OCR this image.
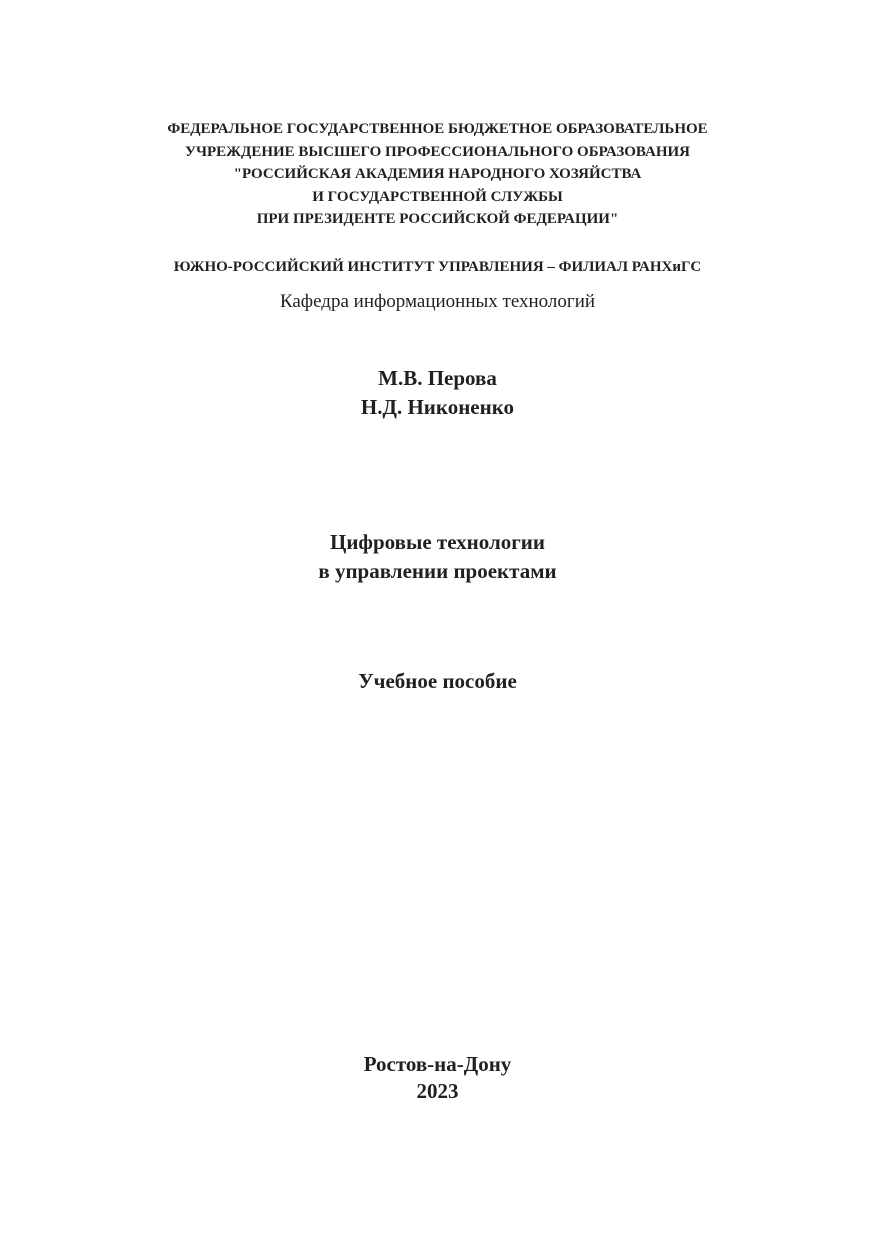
ФЕДЕРАЛЬНОЕ ГОСУДАРСТВЕННОЕ БЮДЖЕТНОЕ ОБРАЗОВАТЕЛЬНОЕ
УЧРЕЖДЕНИЕ ВЫСШЕГО ПРОФЕССИОНАЛЬНОГО ОБРАЗОВАНИЯ
"РОССИЙСКАЯ АКАДЕМИЯ НАРОДНОГО ХОЗЯЙСТВА
И ГОСУДАРСТВЕННОЙ СЛУЖБЫ
ПРИ ПРЕЗИДЕНТЕ РОССИЙСКОЙ ФЕДЕРАЦИИ"
ЮЖНО-РОССИЙСКИЙ ИНСТИТУТ УПРАВЛЕНИЯ – ФИЛИАЛ РАНХиГС
Кафедра информационных технологий
М.В. Перова
Н.Д. Никоненко
Цифровые технологии
в управлении проектами
Учебное пособие
Ростов-на-Дону
2023
